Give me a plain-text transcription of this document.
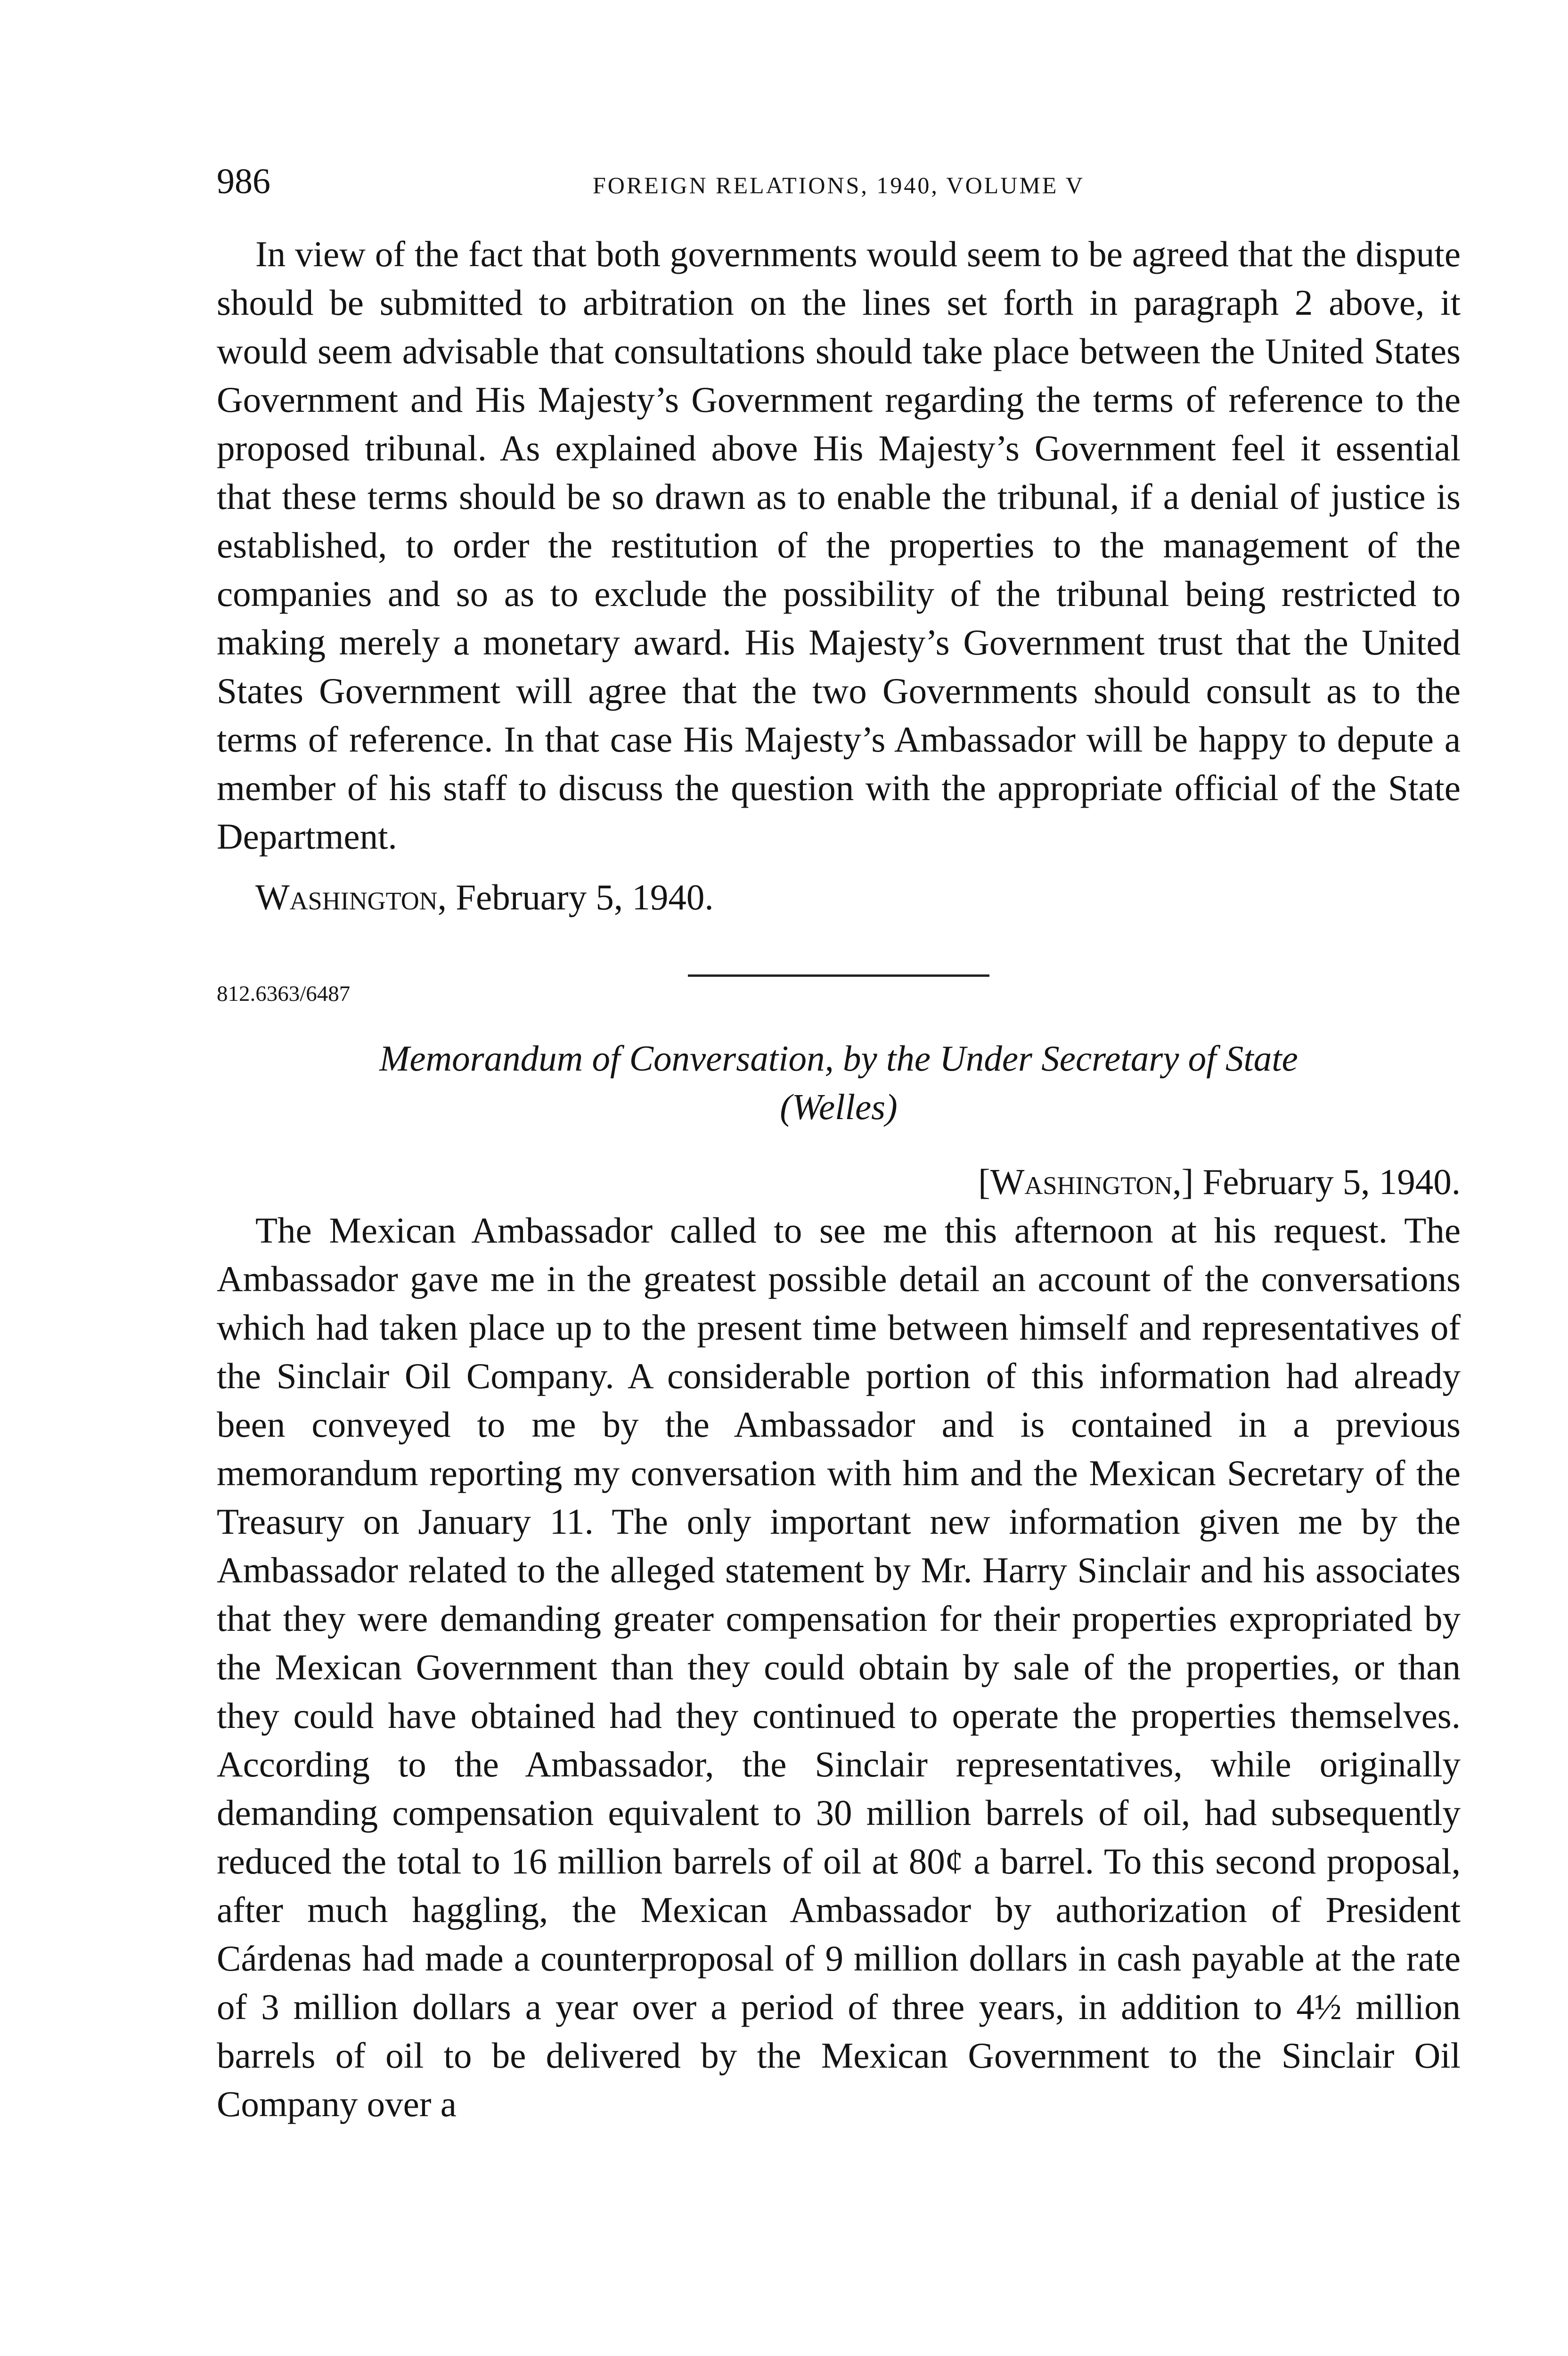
986	FOREIGN RELATIONS, 1940, VOLUME V

In view of the fact that both governments would seem to be agreed that the dispute should be submitted to arbitration on the lines set forth in paragraph 2 above, it would seem advisable that consultations should take place between the United States Government and His Majesty’s Government regarding the terms of reference to the proposed tribunal. As explained above His Majesty’s Government feel it essential that these terms should be so drawn as to enable the tribunal, if a denial of justice is established, to order the restitution of the properties to the management of the companies and so as to exclude the possibility of the tribunal being restricted to making merely a monetary award. His Majesty’s Government trust that the United States Government will agree that the two Governments should consult as to the terms of reference. In that case His Majesty’s Ambassador will be happy to depute a member of his staff to discuss the question with the appropriate official of the State Department.

Washington, February 5, 1940.

812.6363/6487
Memorandum of Conversation, by the Under Secretary of State
(Welles)
[Washington,] February 5, 1940.

The Mexican Ambassador called to see me this afternoon at his request. The Ambassador gave me in the greatest possible detail an account of the conversations which had taken place up to the present time between himself and representatives of the Sinclair Oil Company. A considerable portion of this information had already been conveyed to me by the Ambassador and is contained in a previous memorandum reporting my conversation with him and the Mexican Secretary of the Treasury on January 11. The only important new information given me by the Ambassador related to the alleged statement by Mr. Harry Sinclair and his associates that they were demanding greater compensation for their properties expropriated by the Mexican Government than they could obtain by sale of the properties, or than they could have obtained had they continued to operate the properties themselves. According to the Ambassador, the Sinclair representatives, while originally demanding compensation equivalent to 30 million barrels of oil, had subsequently reduced the total to 16 million barrels of oil at 80¢ a barrel. To this second proposal, after much haggling, the Mexican Ambassador by authorization of President Cárdenas had made a counterproposal of 9 million dollars in cash payable at the rate of 3 million dollars a year over a period of three years, in addition to 4½ million barrels of oil to be delivered by the Mexican Government to the Sinclair Oil Company over a
